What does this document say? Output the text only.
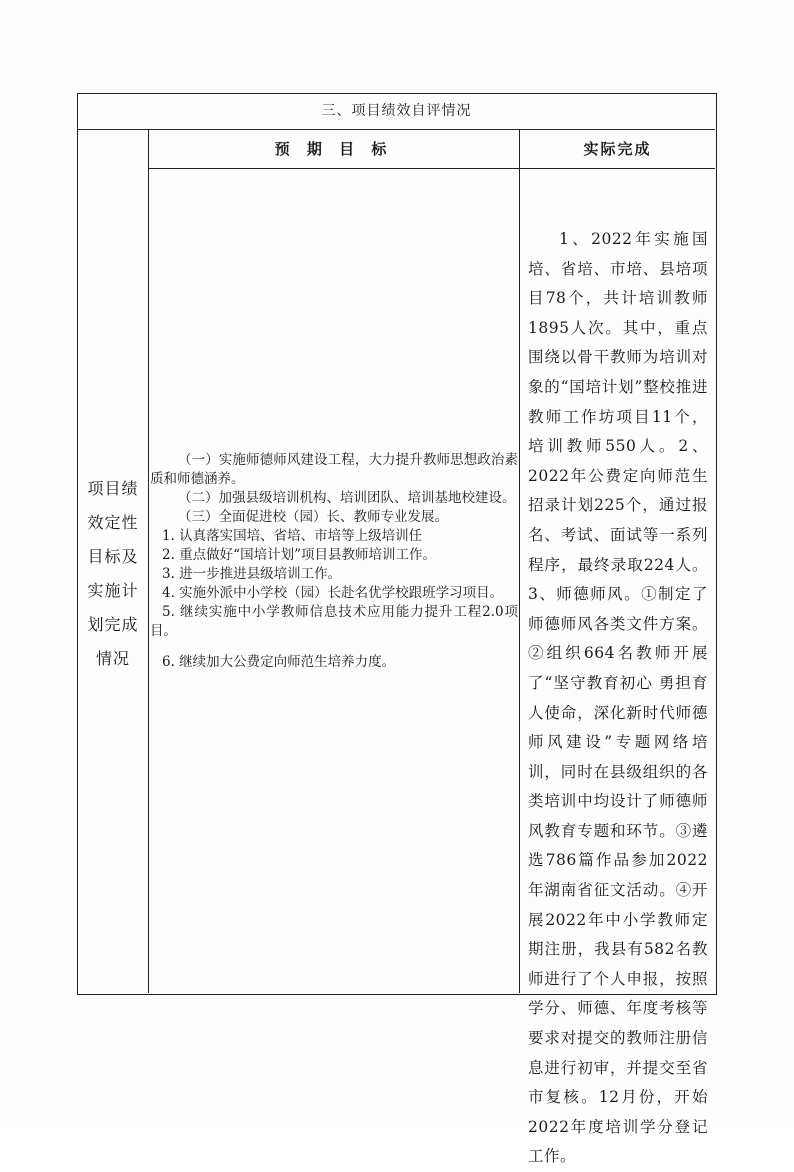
三、项目绩效自评情况
预 期 目 标	实际完成
项目绩
效定性
目标及
实施计
划完成
情况

（一）实施师德师风建设工程，大力提升教师思想政治素质和师德涵养。

（二）加强县级培训机构、培训团队、培训基地校建设。

（三）全面促进校（园）长、教师专业发展。

1. 认真落实国培、省培、市培等上级培训任

2. 重点做好“国培计划”项目县教师培训工作。

3. 进一步推进县级培训工作。

4. 实施外派中小学校（园）长赴名优学校跟班学习项目。

5. 继续实施中小学教师信息技术应用能力提升工程2.0项目。

6. 继续加大公费定向师范生培养力度。

1、2022年实施国培、省培、市培、县培项目78个，共计培训教师1895人次。其中，重点围绕以骨干教师为培训对象的“国培计划”整校推进教师工作坊项目11个，培训教师550人。2、2022年公费定向师范生招录计划225个，通过报名、考试、面试等一系列程序，最终录取224人。3、师德师风。①制定了师德师风各类文件方案。②组织664名教师开展了“坚守教育初心 勇担育人使命，深化新时代师德师风建设”专题网络培训，同时在县级组织的各类培训中均设计了师德师风教育专题和环节。③遴选786篇作品参加2022年湖南省征文活动。④开展2022年中小学教师定期注册，我县有582名教师进行了个人申报，按照学分、师德、年度考核等要求对提交的教师注册信息进行初审，并提交至省市复核。12月份，开始2022年度培训学分登记工作。
